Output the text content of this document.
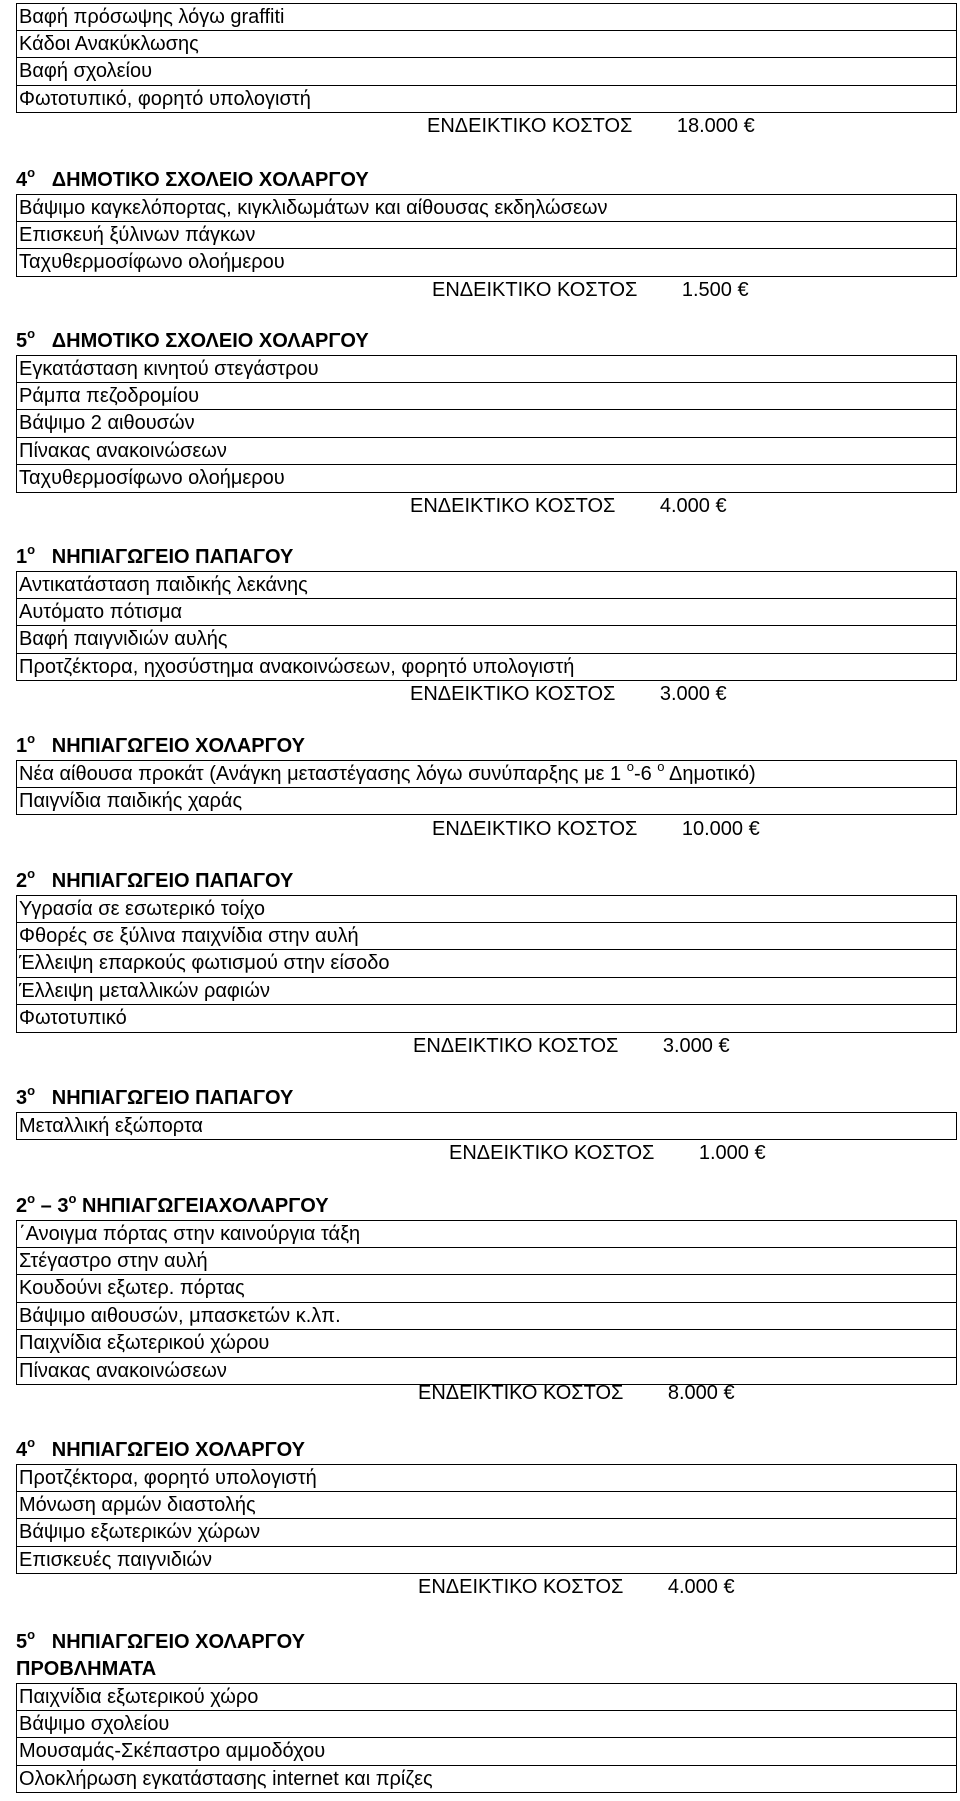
Βαφή πρόσωψης λόγω graffiti
Κάδοι Ανακύκλωσης
Βαφή σχολείου
Φωτοτυπικό, φορητό υπολογιστή
ΕΝΔΕΙΚΤΙΚΟ ΚΟΣΤΟΣ 18.000 €
$4^o$ ΔΗΜΟΤΙΚΟ ΣΧΟΛΕΙΟ ΧΟΛΑΡΓΟΥ
Βάψιμο καγκελόπορτας, κιγκλιδωμάτων και αίθουσας εκδηλώσεων
Επισκευή ξύλινων πάγκων
Ταχυθερμοσίφωνο ολοήμερου
ΕΝΔΕΙΚΤΙΚΟ ΚΟΣΤΟΣ 1.500 €
$5^o$ ΔΗΜΟΤΙΚΟ ΣΧΟΛΕΙΟ ΧΟΛΑΡΓΟΥ
Εγκατάσταση κινητού στεγάστρου
Ράμπα πεζοδρομίου
Βάψιμο 2 αιθουσών
Πίνακας ανακοινώσεων
Ταχυθερμοσίφωνο ολοήμερου
ΕΝΔΕΙΚΤΙΚΟ ΚΟΣΤΟΣ 4.000 €
$1^o$ ΝΗΠΙΑΓΩΓΕΙΟ ΠΑΠΑΓΟΥ
Αντικατάσταση παιδικής λεκάνης
Αυτόματο πότισμα
Βαφή παιγνιδιών αυλής
Προτζέκτορα, ηχοσύστημα ανακοινώσεων, φορητό υπολογιστή
ΕΝΔΕΙΚΤΙΚΟ ΚΟΣΤΟΣ 3.000 €
$1^o$ ΝΗΠΙΑΓΩΓΕΙΟ ΧΟΛΑΡΓΟΥ
Νέα αίθουσα προκάτ (Ανάγκη μεταστέγασης λόγω συνύπαρξης με 1 $^o$-6 $^o$ Δημοτικό)
Παιγνίδια παιδικής χαράς
ΕΝΔΕΙΚΤΙΚΟ ΚΟΣΤΟΣ 10.000 €
$2^o$ ΝΗΠΙΑΓΩΓΕΙΟ ΠΑΠΑΓΟΥ
Υγρασία σε εσωτερικό τοίχο
Φθορές σε ξύλινα παιχνίδια στην αυλή
Έλλειψη επαρκούς φωτισμού στην είσοδο
Έλλειψη μεταλλικών ραφιών
Φωτοτυπικό
ΕΝΔΕΙΚΤΙΚΟ ΚΟΣΤΟΣ 3.000 €
$3^o$ ΝΗΠΙΑΓΩΓΕΙΟ ΠΑΠΑΓΟΥ
Μεταλλική εξώπορτα
ΕΝΔΕΙΚΤΙΚΟ ΚΟΣΤΟΣ 1.000 €
$2^o - 3^o$ ΝΗΠΙΑΓΩΓΕΙΑΧΟΛΑΡΓΟΥ
΄Ανοιγμα πόρτας στην καινούργια τάξη
Στέγαστρο στην αυλή
Κουδούνι εξωτερ. πόρτας
Βάψιμο αιθουσών, μπασκετών κ.λπ.
Παιχνίδια εξωτερικού χώρου
Πίνακας ανακοινώσεων
ΕΝΔΕΙΚΤΙΚΟ ΚΟΣΤΟΣ 8.000 €
$4^o$ ΝΗΠΙΑΓΩΓΕΙΟ ΧΟΛΑΡΓΟΥ
Προτζέκτορα, φορητό υπολογιστή
Μόνωση αρμών διαστολής
Βάψιμο εξωτερικών χώρων
Επισκευές παιγνιδιών
ΕΝΔΕΙΚΤΙΚΟ ΚΟΣΤΟΣ 4.000 €
$5^o$ ΝΗΠΙΑΓΩΓΕΙΟ ΧΟΛΑΡΓΟΥ
ΠΡΟΒΛΗΜΑΤΑ
Παιχνίδια εξωτερικού χώρο
Βάψιμο σχολείου
Μουσαμάς-Σκέπαστρο αμμοδόχου
Ολοκλήρωση εγκατάστασης internet και πρίζες
